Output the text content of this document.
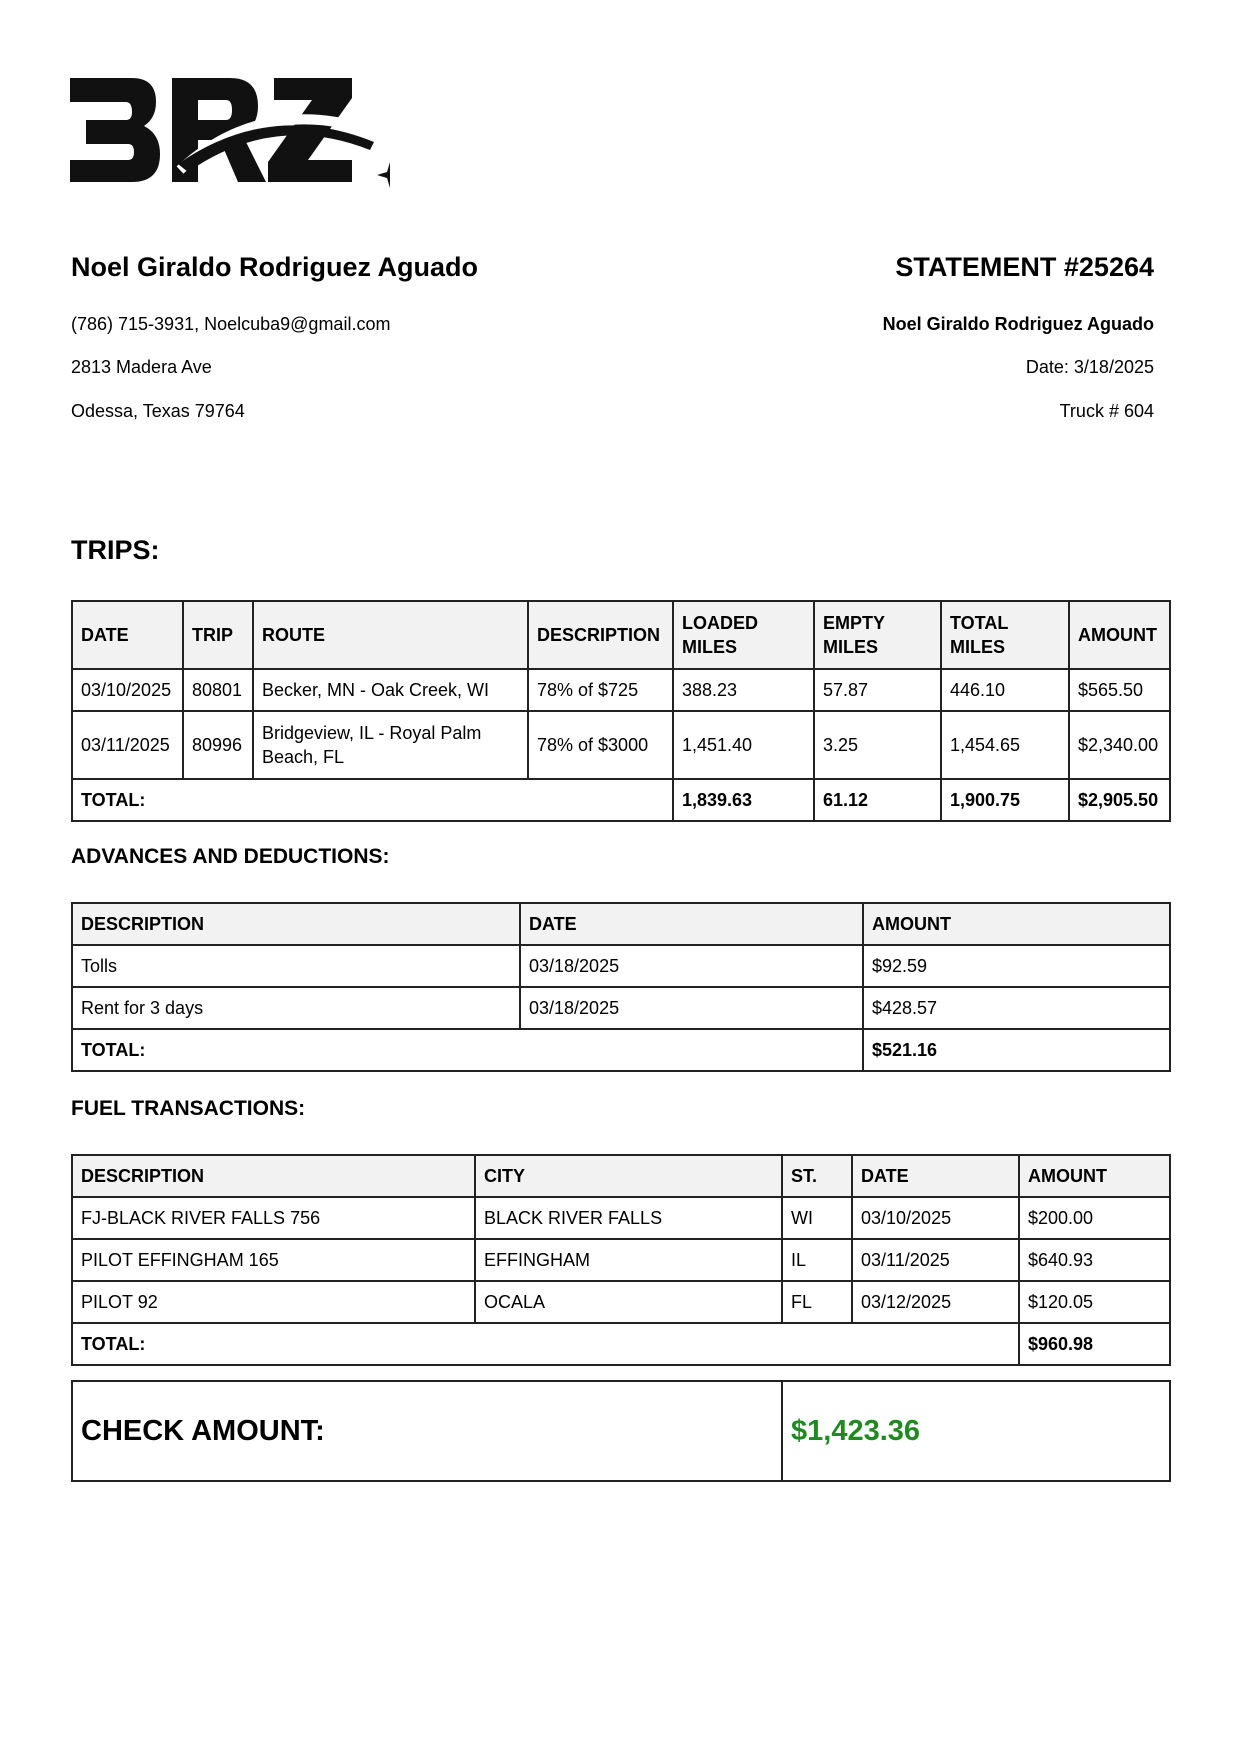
Noel Giraldo Rodriguez Aguado	STATEMENT #25264
(786) 715-3931, Noelcuba9@gmail.com
2813 Madera Ave
Odessa, Texas 79764
Noel Giraldo Rodriguez Aguado
Date: 3/18/2025
Truck # 604
TRIPS:
DATE	TRIP	ROUTE	DESCRIPTION	LOADED MILES	EMPTY MILES	TOTAL MILES	AMOUNT
03/10/2025	80801	Becker, MN - Oak Creek, WI	78% of $725	388.23	57.87	446.10	$565.50
03/11/2025	80996	Bridgeview, IL - Royal Palm Beach, FL	78% of $3000	1,451.40	3.25	1,454.65	$2,340.00
TOTAL:				1,839.63	61.12	1,900.75	$2,905.50
ADVANCES AND DEDUCTIONS:
DESCRIPTION	DATE	AMOUNT
Tolls	03/18/2025	$92.59
Rent for 3 days	03/18/2025	$428.57
TOTAL:		$521.16
FUEL TRANSACTIONS:
DESCRIPTION	CITY	ST.	DATE	AMOUNT
FJ-BLACK RIVER FALLS 756	BLACK RIVER FALLS	WI	03/10/2025	$200.00
PILOT EFFINGHAM 165	EFFINGHAM	IL	03/11/2025	$640.93
PILOT 92	OCALA	FL	03/12/2025	$120.05
TOTAL:				$960.98
CHECK AMOUNT:	$1,423.36
